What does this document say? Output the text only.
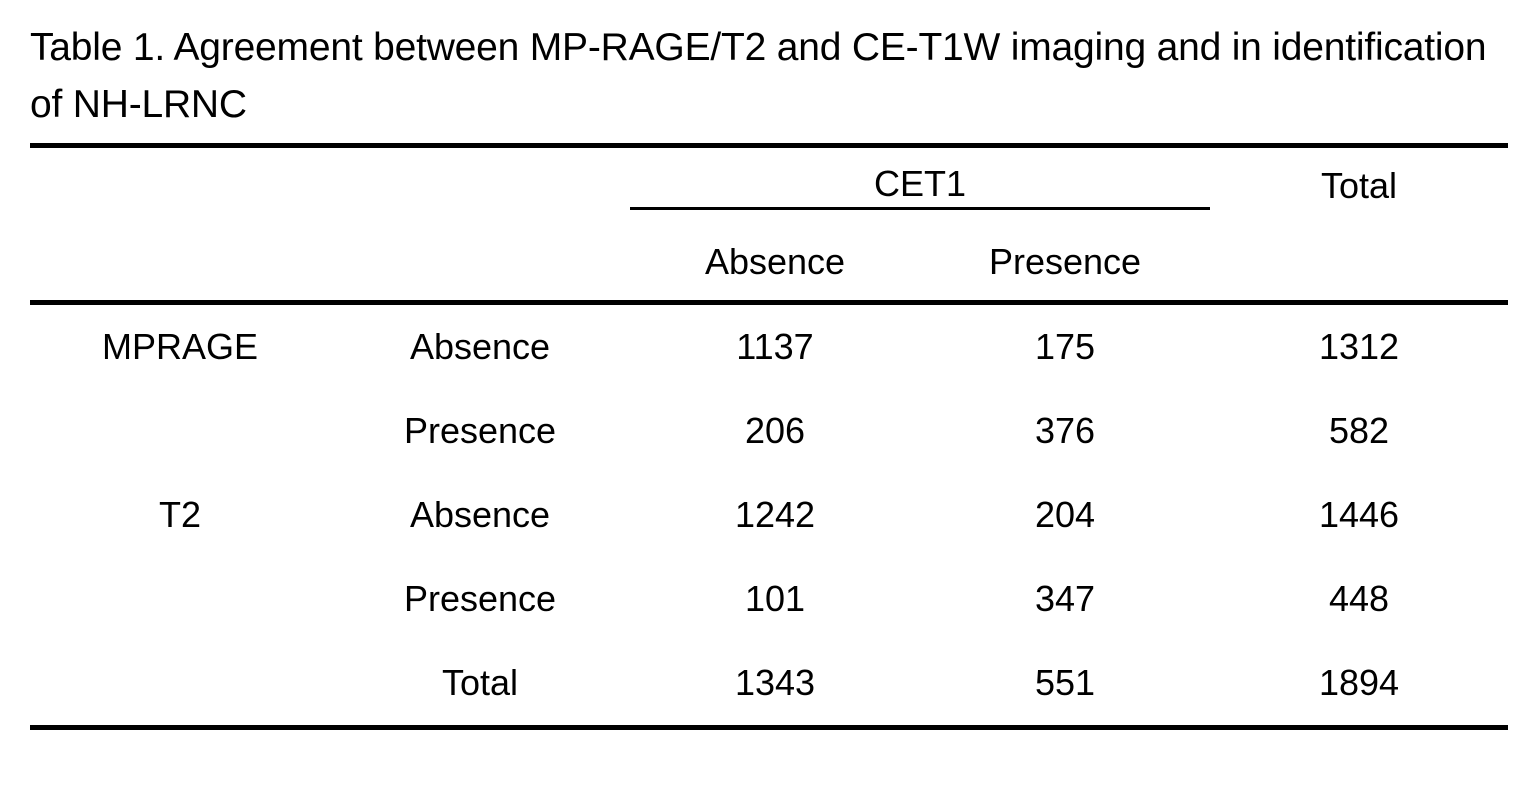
Table 1. Agreement between MP-RAGE/T2 and CE-T1W imaging and in identification of NH-LRNC

		CET1		Total
		Absence	Presence	
MPRAGE	Absence	1137	175	1312
	Presence	206	376	582
T2	Absence	1242	204	1446
	Presence	101	347	448
	Total	1343	551	1894
